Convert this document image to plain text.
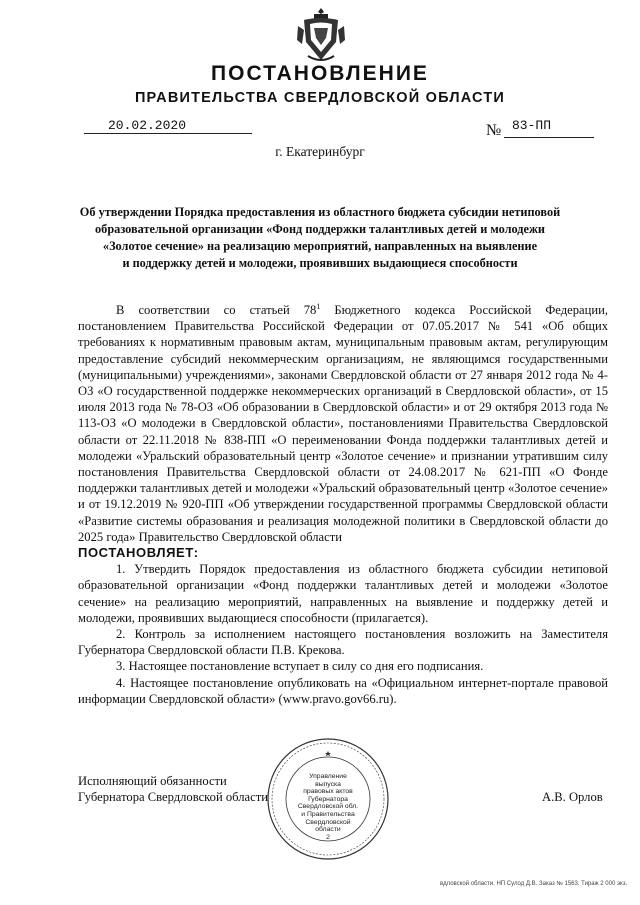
ПОСТАНОВЛЕНИЕ
ПРАВИТЕЛЬСТВА СВЕРДЛОВСКОЙ ОБЛАСТИ
20.02.2020	№ 83-ПП
г. Екатеринбург
Об утверждении Порядка предоставления из областного бюджета субсидии нетиповой
образовательной организации «Фонд поддержки талантливых детей и молодежи
«Золотое сечение» на реализацию мероприятий, направленных на выявление
и поддержку детей и молодежи, проявивших выдающиеся способности

В соответствии со статьей $78^1$ Бюджетного кодекса Российской Федерации, постановлением Правительства Российской Федерации от 07.05.2017 № 541 «Об общих требованиях к нормативным правовым актам, муниципальным правовым актам, регулирующим предоставление субсидий некоммерческим организациям, не являющимся государственными (муниципальными) учреждениями», законами Свердловской области от 27 января 2012 года № 4-ОЗ «О государственной поддержке некоммерческих организаций в Свердловской области», от 15 июля 2013 года № 78-ОЗ «Об образовании в Свердловской области» и от 29 октября 2013 года № 113-ОЗ «О молодежи в Свердловской области», постановлениями Правительства Свердловской области от 22.11.2018 № 838-ПП «О переименовании Фонда поддержки талантливых детей и молодежи «Уральский образовательный центр «Золотое сечение» и признании утратившим силу постановления Правительства Свердловской области от 24.08.2017 № 621-ПП «О Фонде поддержки талантливых детей и молодежи «Уральский образовательный центр «Золотое сечение» и от 19.12.2019 № 920-ПП «Об утверждении государственной программы Свердловской области «Развитие системы образования и реализация молодежной политики в Свердловской области до 2025 года» Правительство Свердловской области

ПОСТАНОВЛЯЕТ:

1. Утвердить Порядок предоставления из областного бюджета субсидии нетиповой образовательной организации «Фонд поддержки талантливых детей и молодежи «Золотое сечение» на реализацию мероприятий, направленных на выявление и поддержку детей и молодежи, проявивших выдающиеся способности (прилагается).

2. Контроль за исполнением настоящего постановления возложить на Заместителя Губернатора Свердловской области П.В. Крекова.

3. Настоящее постановление вступает в силу со дня его подписания.

4. Настоящее постановление опубликовать на «Официальном интернет-портале правовой информации Свердловской области» (www.pravo.gov66.ru).

Исполняющий обязанности
Губернатора Свердловской области	А.В. Орлов
Управление
выпуска
правовых актов
Губернатора
Свердловской обл.
и Правительства
Свердловской
области
2
вдловской области. НП Сулод Д.В. Заказ № 1563. Тираж 2 000 экз.
